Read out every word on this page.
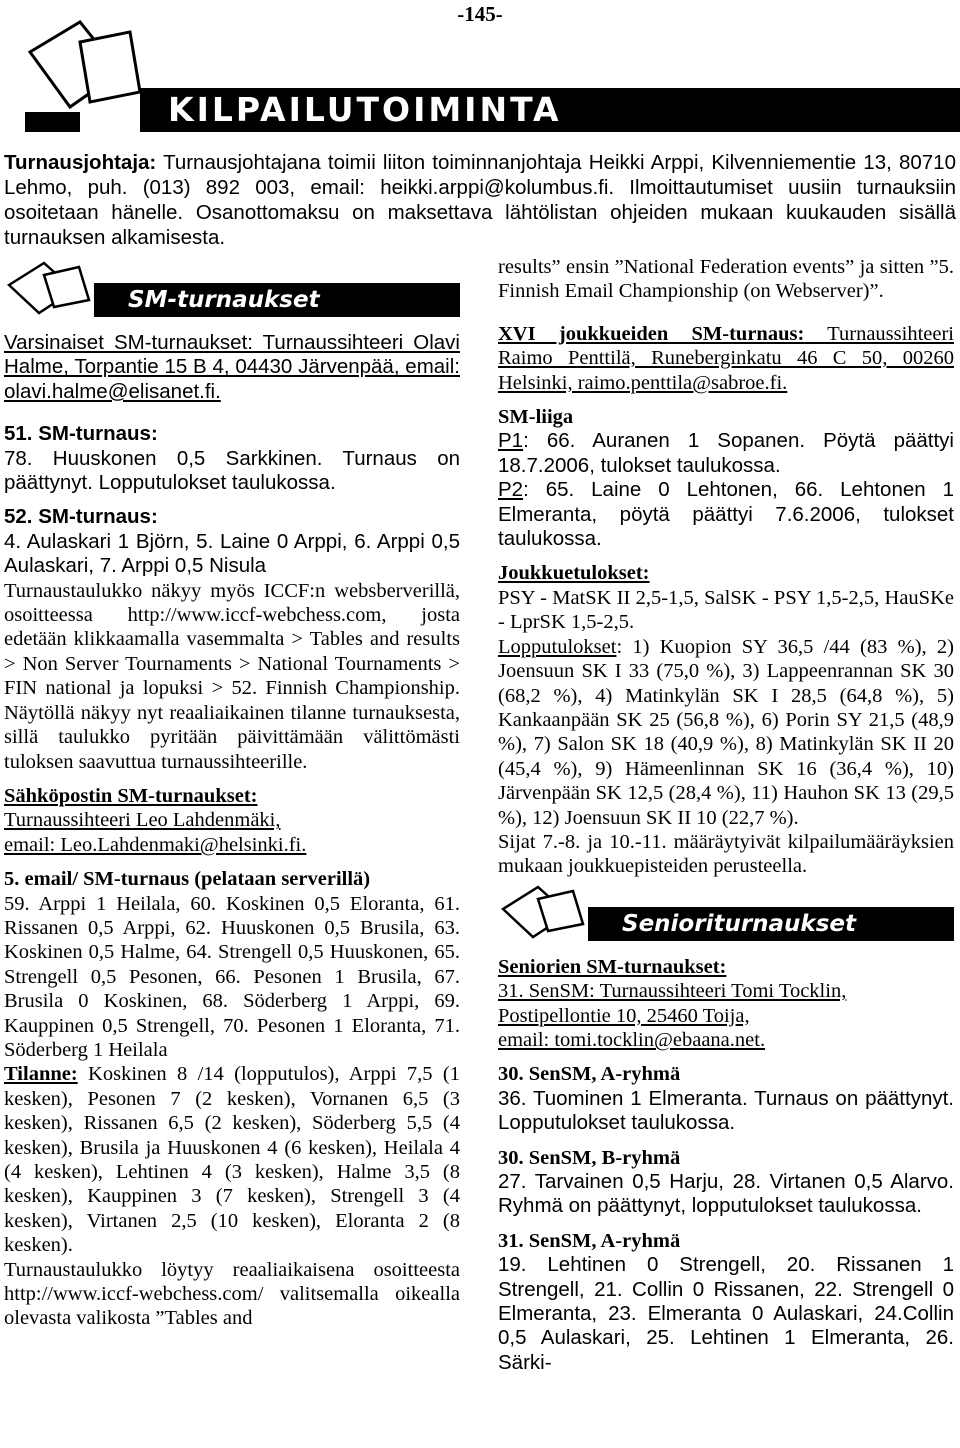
-145-
KILPAILUTOIMINTA
Turnausjohtaja: Turnausjohtajana toimii liiton toiminnanjohtaja Heikki Arppi, Kilvenniementie 13, 80710 Lehmo, puh. (013) 892 003, email: heikki.arppi@kolumbus.fi. Ilmoittautumiset uusiin turnauksiin osoitetaan hänelle. Osanottomaksu on maksettava lähtölistan ohjeiden mukaan kuukauden sisällä turnauksen alkamisesta.
SM-turnaukset

Varsinaiset SM-turnaukset: Turnaussihteeri Olavi Halme, Torpantie 15 B 4, 04430 Järvenpää, email: olavi.halme@elisanet.fi.

51. SM-turnaus:

78. Huuskonen 0,5 Sarkkinen. Turnaus on päättynyt. Lopputulokset taulukossa.

52. SM-turnaus:

4. Aulaskari 1 Björn, 5. Laine 0 Arppi, 6. Arppi 0,5 Aulaskari, 7. Arppi 0,5 Nisula

Turnaustaulukko näkyy myös ICCF:n websberverillä, osoitteessa http://www.iccf-webchess.com, josta edetään klikkaamalla vasemmalta > Tables and results > Non Server Tournaments > National Tournaments > FIN national ja lopuksi > 52. Finnish Championship. Näytöllä näkyy nyt reaaliaikainen tilanne turnauksesta, sillä taulukko pyritään päivittämään välittömästi tuloksen saavuttua turnaussihteerille.

Sähköpostin SM-turnaukset:

Turnaussihteeri Leo Lahdenmäki,

email: Leo.Lahdenmaki@helsinki.fi.

5. email/ SM-turnaus (pelataan serverillä)

59. Arppi 1 Heilala, 60. Koskinen 0,5 Eloranta, 61. Rissanen 0,5 Arppi, 62. Huuskonen 0,5 Brusila, 63. Koskinen 0,5 Halme, 64. Strengell 0,5 Huuskonen, 65. Strengell 0,5 Pesonen, 66. Pesonen 1 Brusila, 67. Brusila 0 Koskinen, 68. Söderberg 1 Arppi, 69. Kauppinen 0,5 Strengell, 70. Pesonen 1 Eloranta, 71. Söderberg 1 Heilala

Tilanne: Koskinen 8 /14 (lopputulos), Arppi 7,5 (1 kesken), Pesonen 7 (2 kesken), Vornanen 6,5 (3 kesken), Rissanen 6,5 (2 kesken), Söderberg 5,5 (4 kesken), Brusila ja Huuskonen 4 (6 kesken), Heilala 4 (4 kesken), Lehtinen 4 (3 kesken), Halme 3,5 (8 kesken), Kauppinen 3 (7 kesken), Strengell 3 (4 kesken), Virtanen 2,5 (10 kesken), Eloranta 2 (8 kesken).

Turnaustaulukko löytyy reaaliaikaisena osoitteesta http://www.iccf-webchess.com/ valitsemalla oikealla olevasta valikosta ”Tables and

results” ensin ”National Federation events” ja sitten ”5. Finnish Email Championship (on Webserver)”.

XVI joukkueiden SM-turnaus: Turnaussihteeri Raimo Penttilä, Runeberginkatu 46 C 50, 00260 Helsinki, raimo.penttila@sabroe.fi.

SM-liiga

P1: 66. Auranen 1 Sopanen. Pöytä päättyi 18.7.2006, tulokset taulukossa.

P2: 65. Laine 0 Lehtonen, 66. Lehtonen 1 Elmeranta, pöytä päättyi 7.6.2006, tulokset taulukossa.

Joukkuetulokset:

PSY - MatSK II 2,5-1,5, SalSK - PSY 1,5-2,5, HauSKe - LprSK 1,5-2,5.

Lopputulokset: 1) Kuopion SY 36,5 /44 (83 %), 2) Joensuun SK I 33 (75,0 %), 3) Lappeenrannan SK 30 (68,2 %), 4) Matinkylän SK I 28,5 (64,8 %), 5) Kankaanpään SK 25 (56,8 %), 6) Porin SY 21,5 (48,9 %), 7) Salon SK 18 (40,9 %), 8) Matinkylän SK II 20 (45,4 %), 9) Hämeenlinnan SK 16 (36,4 %), 10) Järvenpään SK 12,5 (28,4 %), 11) Hauhon SK 13 (29,5 %), 12) Joensuun SK II 10 (22,7 %).

Sijat 7.-8. ja 10.-11. määräytyivät kilpailumääräyksien mukaan joukkuepisteiden perusteella.

Senioriturnaukset

Seniorien SM-turnaukset:

31. SenSM: Turnaussihteeri Tomi Tocklin,

Postipellontie 10, 25460 Toija,

email: tomi.tocklin@ebaana.net.

30. SenSM, A-ryhmä

36. Tuominen 1 Elmeranta. Turnaus on päättynyt. Lopputulokset taulukossa.

30. SenSM, B-ryhmä

27. Tarvainen 0,5 Harju, 28. Virtanen 0,5 Alarvo. Ryhmä on päättynyt, lopputulokset taulukossa.

31. SenSM, A-ryhmä

19. Lehtinen 0 Strengell, 20. Rissanen 1 Strengell, 21. Collin 0 Rissanen, 22. Strengell 0 Elmeranta, 23. Elmeranta 0 Aulaskari, 24.Collin 0,5 Aulaskari, 25. Lehtinen 1 Elmeranta, 26. Särki-
